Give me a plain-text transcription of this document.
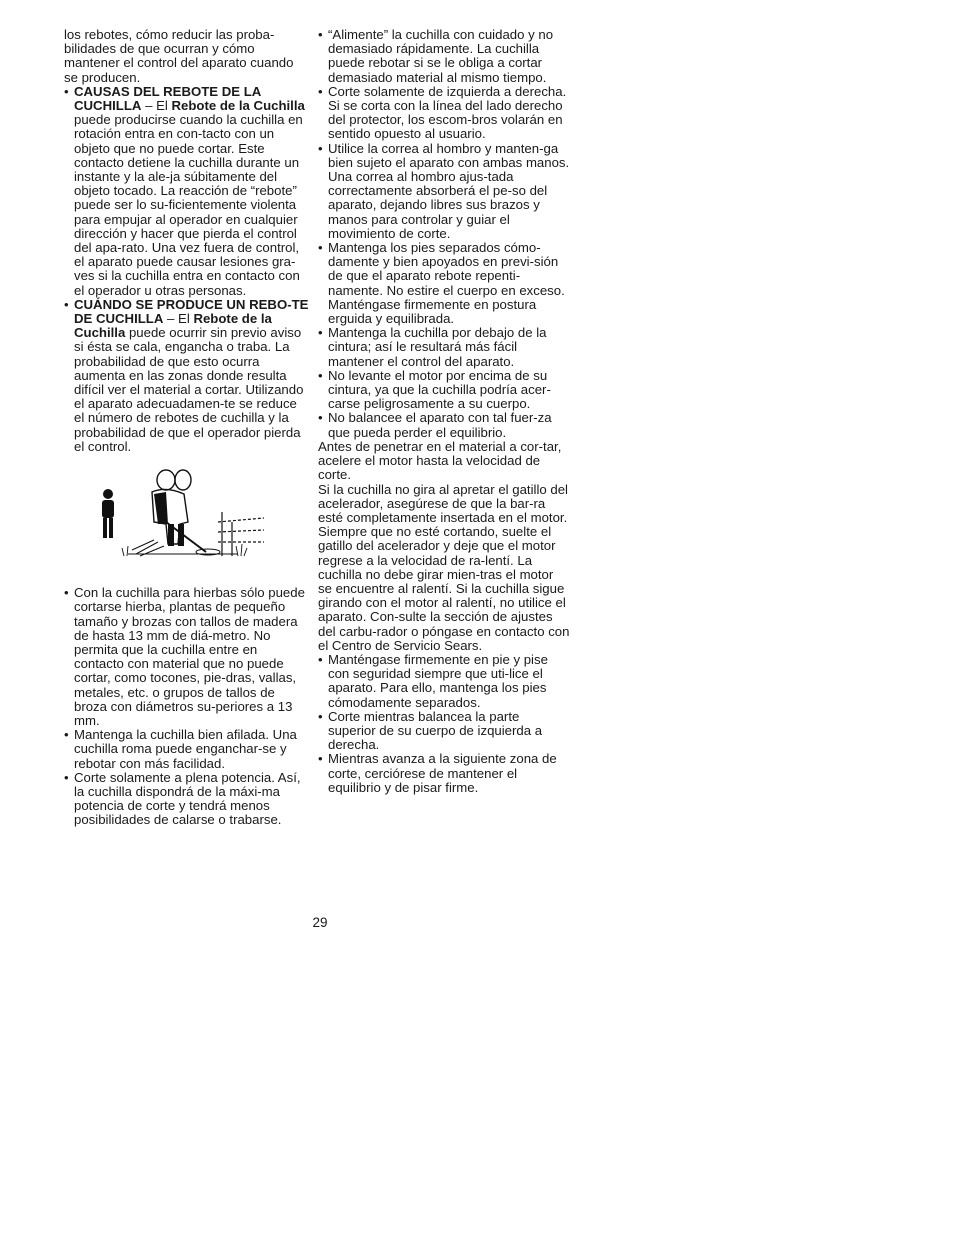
los rebotes, cómo reducir las proba-bilidades de que ocurran y cómo mantener el control del aparato cuando se producen.

• CAUSAS DEL REBOTE DE LA CUCHILLA – El Rebote de la Cuchilla puede producirse cuando la cuchilla en rotación entra en con-tacto con un objeto que no puede cortar. Este contacto detiene la cuchilla durante un instante y la ale-ja súbitamente del objeto tocado. La reacción de “rebote” puede ser lo su-ficientemente violenta para empujar al operador en cualquier dirección y hacer que pierda el control del apa-rato. Una vez fuera de control, el aparato puede causar lesiones gra-ves si la cuchilla entra en contacto con el operador u otras personas.

• CUÁNDO SE PRODUCE UN REBO-TE DE CUCHILLA – El Rebote de la Cuchilla puede ocurrir sin previo aviso si ésta se cala, engancha o traba. La probabilidad de que esto ocurra aumenta en las zonas donde resulta difícil ver el material a cortar. Utilizando el aparato adecuadamen-te se reduce el número de rebotes de cuchilla y la probabilidad de que el operador pierda el control.

• Con la cuchilla para hierbas sólo puede cortarse hierba, plantas de pequeño tamaño y brozas con tallos de madera de hasta 13 mm de diá-metro. No permita que la cuchilla entre en contacto con material que no puede cortar, como tocones, pie-dras, vallas, metales, etc. o grupos de tallos de broza con diámetros su-periores a 13 mm.

• Mantenga la cuchilla bien afilada. Una cuchilla roma puede enganchar-se y rebotar con más facilidad.

• Corte solamente a plena potencia. Así, la cuchilla dispondrá de la máxi-ma potencia de corte y tendrá menos posibilidades de calarse o trabarse.

• “Alimente” la cuchilla con cuidado y no demasiado rápidamente. La cuchilla puede rebotar si se le obliga a cortar demasiado material al mismo tiempo.

• Corte solamente de izquierda a derecha. Si se corta con la línea del lado derecho del protector, los escom-bros volarán en sentido opuesto al usuario.

• Utilice la correa al hombro y manten-ga bien sujeto el aparato con ambas manos. Una correa al hombro ajus-tada correctamente absorberá el pe-so del aparato, dejando libres sus brazos y manos para controlar y guiar el movimiento de corte.

• Mantenga los pies separados cómo-damente y bien apoyados en previ-sión de que el aparato rebote repenti-namente. No estire el cuerpo en exceso. Manténgase firmemente en postura erguida y equilibrada.

• Mantenga la cuchilla por debajo de la cintura; así le resultará más fácil mantener el control del aparato.

• No levante el motor por encima de su cintura, ya que la cuchilla podría acer-carse peligrosamente a su cuerpo.

• No balancee el aparato con tal fuer-za que pueda perder el equilibrio.

Antes de penetrar en el material a cor-tar, acelere el motor hasta la velocidad de corte.

Si la cuchilla no gira al apretar el gatillo del acelerador, asegúrese de que la bar-ra esté completamente insertada en el motor.

Siempre que no esté cortando, suelte el gatillo del acelerador y deje que el motor regrese a la velocidad de ra-lentí. La cuchilla no debe girar mien-tras el motor se encuentre al ralentí. Si la cuchilla sigue girando con el motor al ralentí, no utilice el aparato. Con-sulte la sección de ajustes del carbu-rador o póngase en contacto con el Centro de Servicio Sears.

• Manténgase firmemente en pie y pise con seguridad siempre que uti-lice el aparato. Para ello, mantenga los pies cómodamente separados.

• Corte mientras balancea la parte superior de su cuerpo de izquierda a derecha.

• Mientras avanza a la siguiente zona de corte, cerciórese de mantener el equilibrio y de pisar firme.

29
